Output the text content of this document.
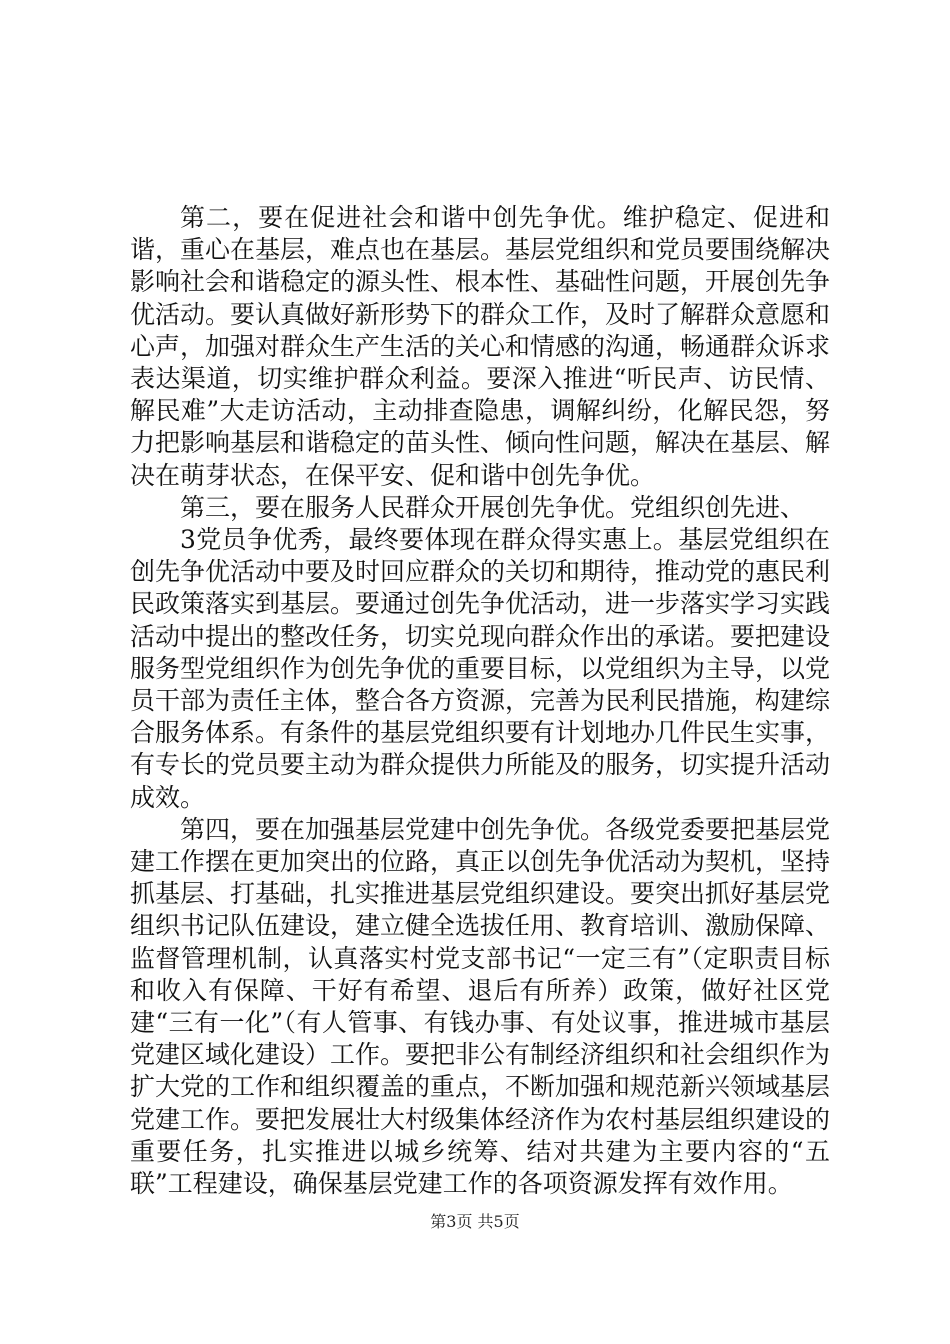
第二，要在促进社会和谐中创先争优。维护稳定、促进和谐，重心在基层，难点也在基层。基层党组织和党员要围绕解决影响社会和谐稳定的源头性、根本性、基础性问题，开展创先争优活动。要认真做好新形势下的群众工作，及时了解群众意愿和心声，加强对群众生产生活的关心和情感的沟通，畅通群众诉求表达渠道，切实维护群众利益。要深入推进“听民声、访民情、解民难”大走访活动，主动排查隐患，调解纠纷，化解民怨，努力把影响基层和谐稳定的苗头性、倾向性问题，解决在基层、解决在萌芽状态，在保平安、促和谐中创先争优。

第三，要在服务人民群众开展创先争优。党组织创先进、

3党员争优秀，最终要体现在群众得实惠上。基层党组织在创先争优活动中要及时回应群众的关切和期待，推动党的惠民利民政策落实到基层。要通过创先争优活动，进一步落实学习实践活动中提出的整改任务，切实兑现向群众作出的承诺。要把建设服务型党组织作为创先争优的重要目标，以党组织为主导，以党员干部为责任主体，整合各方资源，完善为民利民措施，构建综合服务体系。有条件的基层党组织要有计划地办几件民生实事，有专长的党员要主动为群众提供力所能及的服务，切实提升活动成效。

第四，要在加强基层党建中创先争优。各级党委要把基层党建工作摆在更加突出的位路，真正以创先争优活动为契机，坚持抓基层、打基础，扎实推进基层党组织建设。要突出抓好基层党组织书记队伍建设，建立健全选拔任用、教育培训、激励保障、监督管理机制，认真落实村党支部书记“一定三有”（定职责目标和收入有保障、干好有希望、退后有所养）政策，做好社区党建“三有一化”（有人管事、有钱办事、有处议事，推进城市基层党建区域化建设）工作。要把非公有制经济组织和社会组织作为扩大党的工作和组织覆盖的重点，不断加强和规范新兴领域基层党建工作。要把发展壮大村级集体经济作为农村基层组织建设的重要任务，扎实推进以城乡统筹、结对共建为主要内容的“五联”工程建设，确保基层党建工作的各项资源发挥有效作用。

第3页 共5页
